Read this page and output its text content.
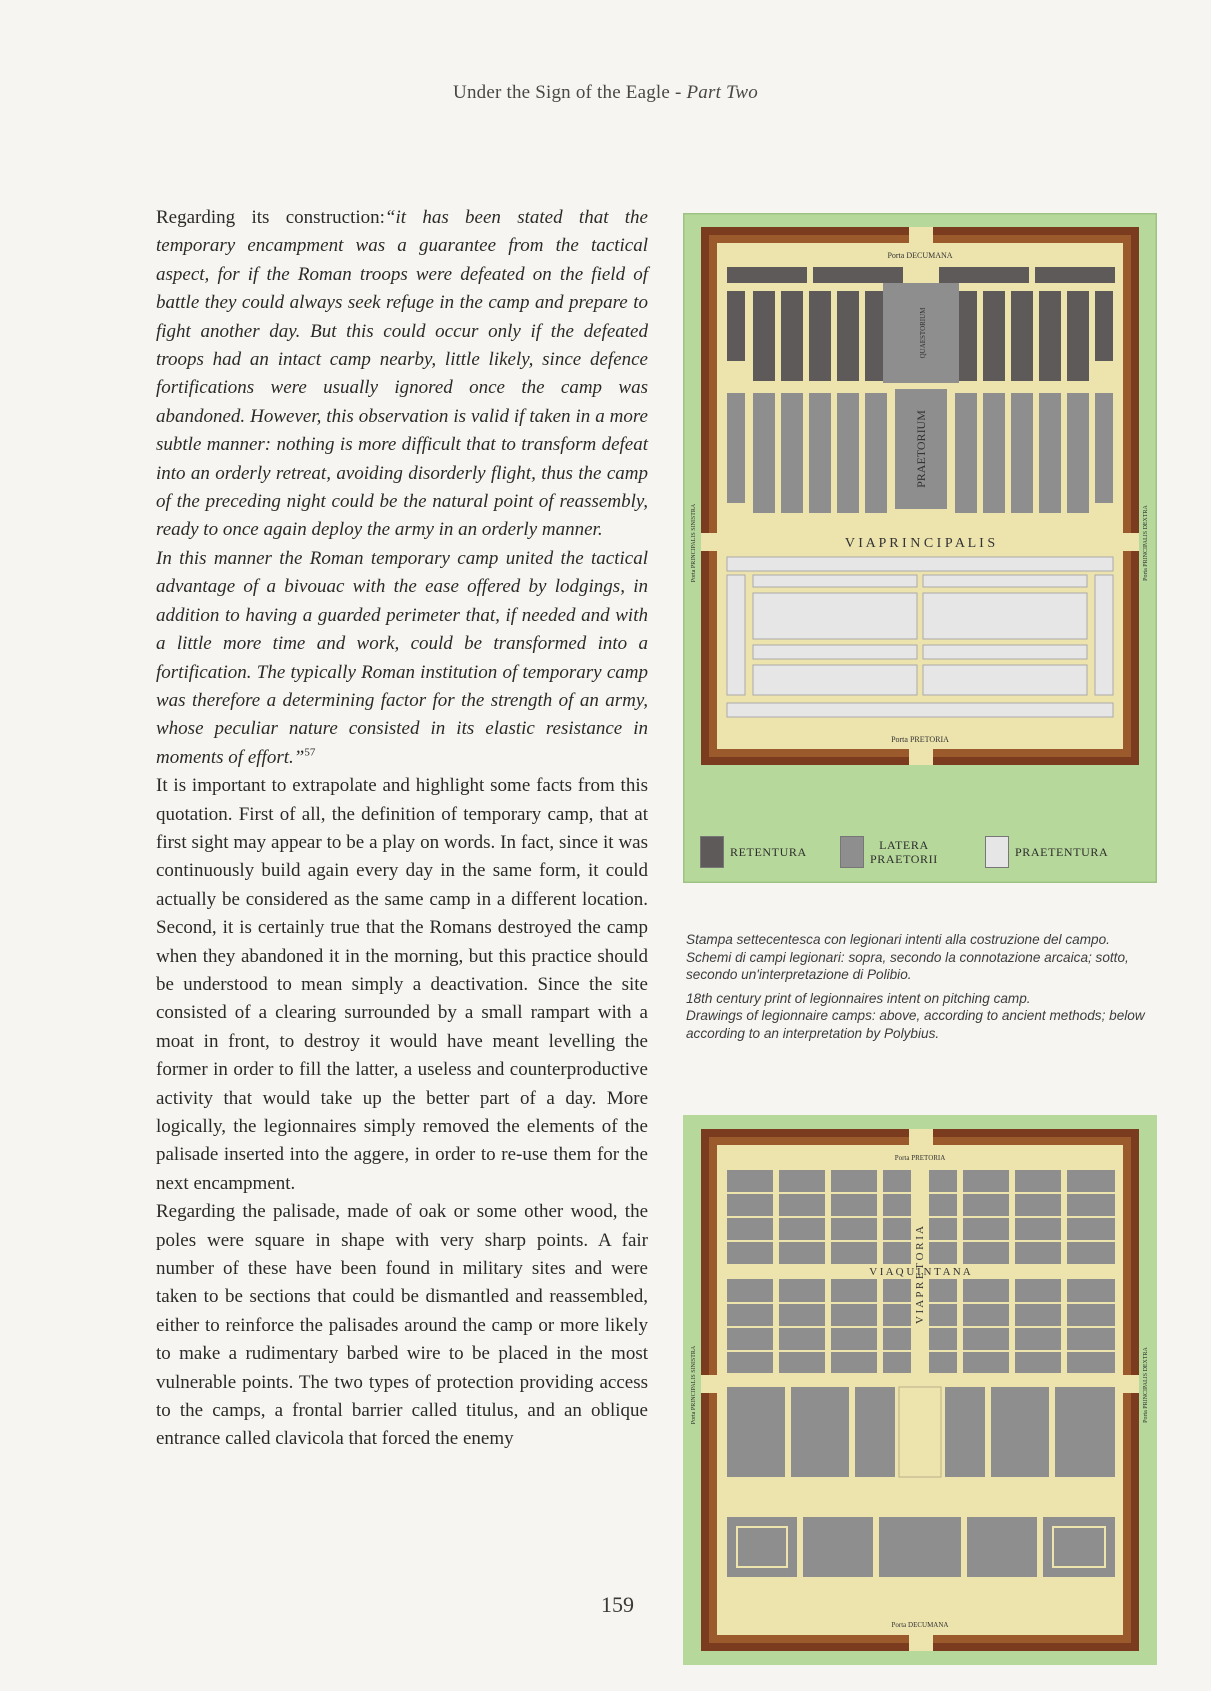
Under the Sign of the Eagle - Part Two

Regarding its construction:“it has been stated that the temporary encampment was a guarantee from the tactical aspect, for if the Roman troops were defeated on the field of battle they could always seek refuge in the camp and prepare to fight another day. But this could occur only if the defeated troops had an intact camp nearby, little likely, since defence fortifications were usually ignored once the camp was abandoned. However, this observation is valid if taken in a more subtle manner: nothing is more difficult that to transform defeat into an orderly retreat, avoiding disorderly flight, thus the camp of the preceding night could be the natural point of reassembly, ready to once again deploy the army in an orderly manner.

In this manner the Roman temporary camp united the tactical advantage of a bivouac with the ease offered by lodgings, in addition to having a guarded perimeter that, if needed and with a little more time and work, could be transformed into a fortification. The typically Roman institution of temporary camp was therefore a determining factor for the strength of an army, whose peculiar nature consisted in its elastic resistance in moments of effort.”$^{57}$

It is important to extrapolate and highlight some facts from this quotation. First of all, the definition of temporary camp, that at first sight may appear to be a play on words. In fact, since it was continuously build again every day in the same form, it could actually be considered as the same camp in a different location. Second, it is certainly true that the Romans destroyed the camp when they abandoned it in the morning, but this practice should be understood to mean simply a deactivation. Since the site consisted of a clearing surrounded by a small rampart with a moat in front, to destroy it would have meant levelling the former in order to fill the latter, a useless and counterproductive activity that would take up the better part of a day. More logically, the legionnaires simply removed the elements of the palisade inserted into the aggere, in order to re-use them for the next encampment.

Regarding the palisade, made of oak or some other wood, the poles were square in shape with very sharp points. A fair number of these have been found in military sites and were taken to be sections that could be dismantled and reassembled, either to reinforce the palisades around the camp or more likely to make a rudimentary barbed wire to be placed in the most vulnerable points. The two types of protection providing access to the camps, a frontal barrier called titulus, and an oblique entrance called clavicola that forced the enemy

Porta DECUMANA
Porta PRETORIA
V I A P R I N C I P A L I S
PRAETORIUM
QUAESTORIUM
Porta PRINCIPALIS SINISTRA	Porta PRINCIPALIS DEXTRA
RETENTURA	LATERA
PRAETORII	PRAETENTURA

Stampa settecentesca con legionari intenti alla costruzione del campo.

Schemi di campi legionari: sopra, secondo la connotazione arcaica; sotto, secondo un'interpretazione di Polibio.

18th century print of legionnaires intent on pitching camp.

Drawings of legionnaire camps: above, according to ancient methods; below according to an interpretation by Polybius.

Porta PRETORIA
Porta DECUMANA
V I A Q U I N T A N A
V I A P R E T O R I A
Porta PRINCIPALIS SINISTRA	Porta PRINCIPALIS DEXTRA
159
